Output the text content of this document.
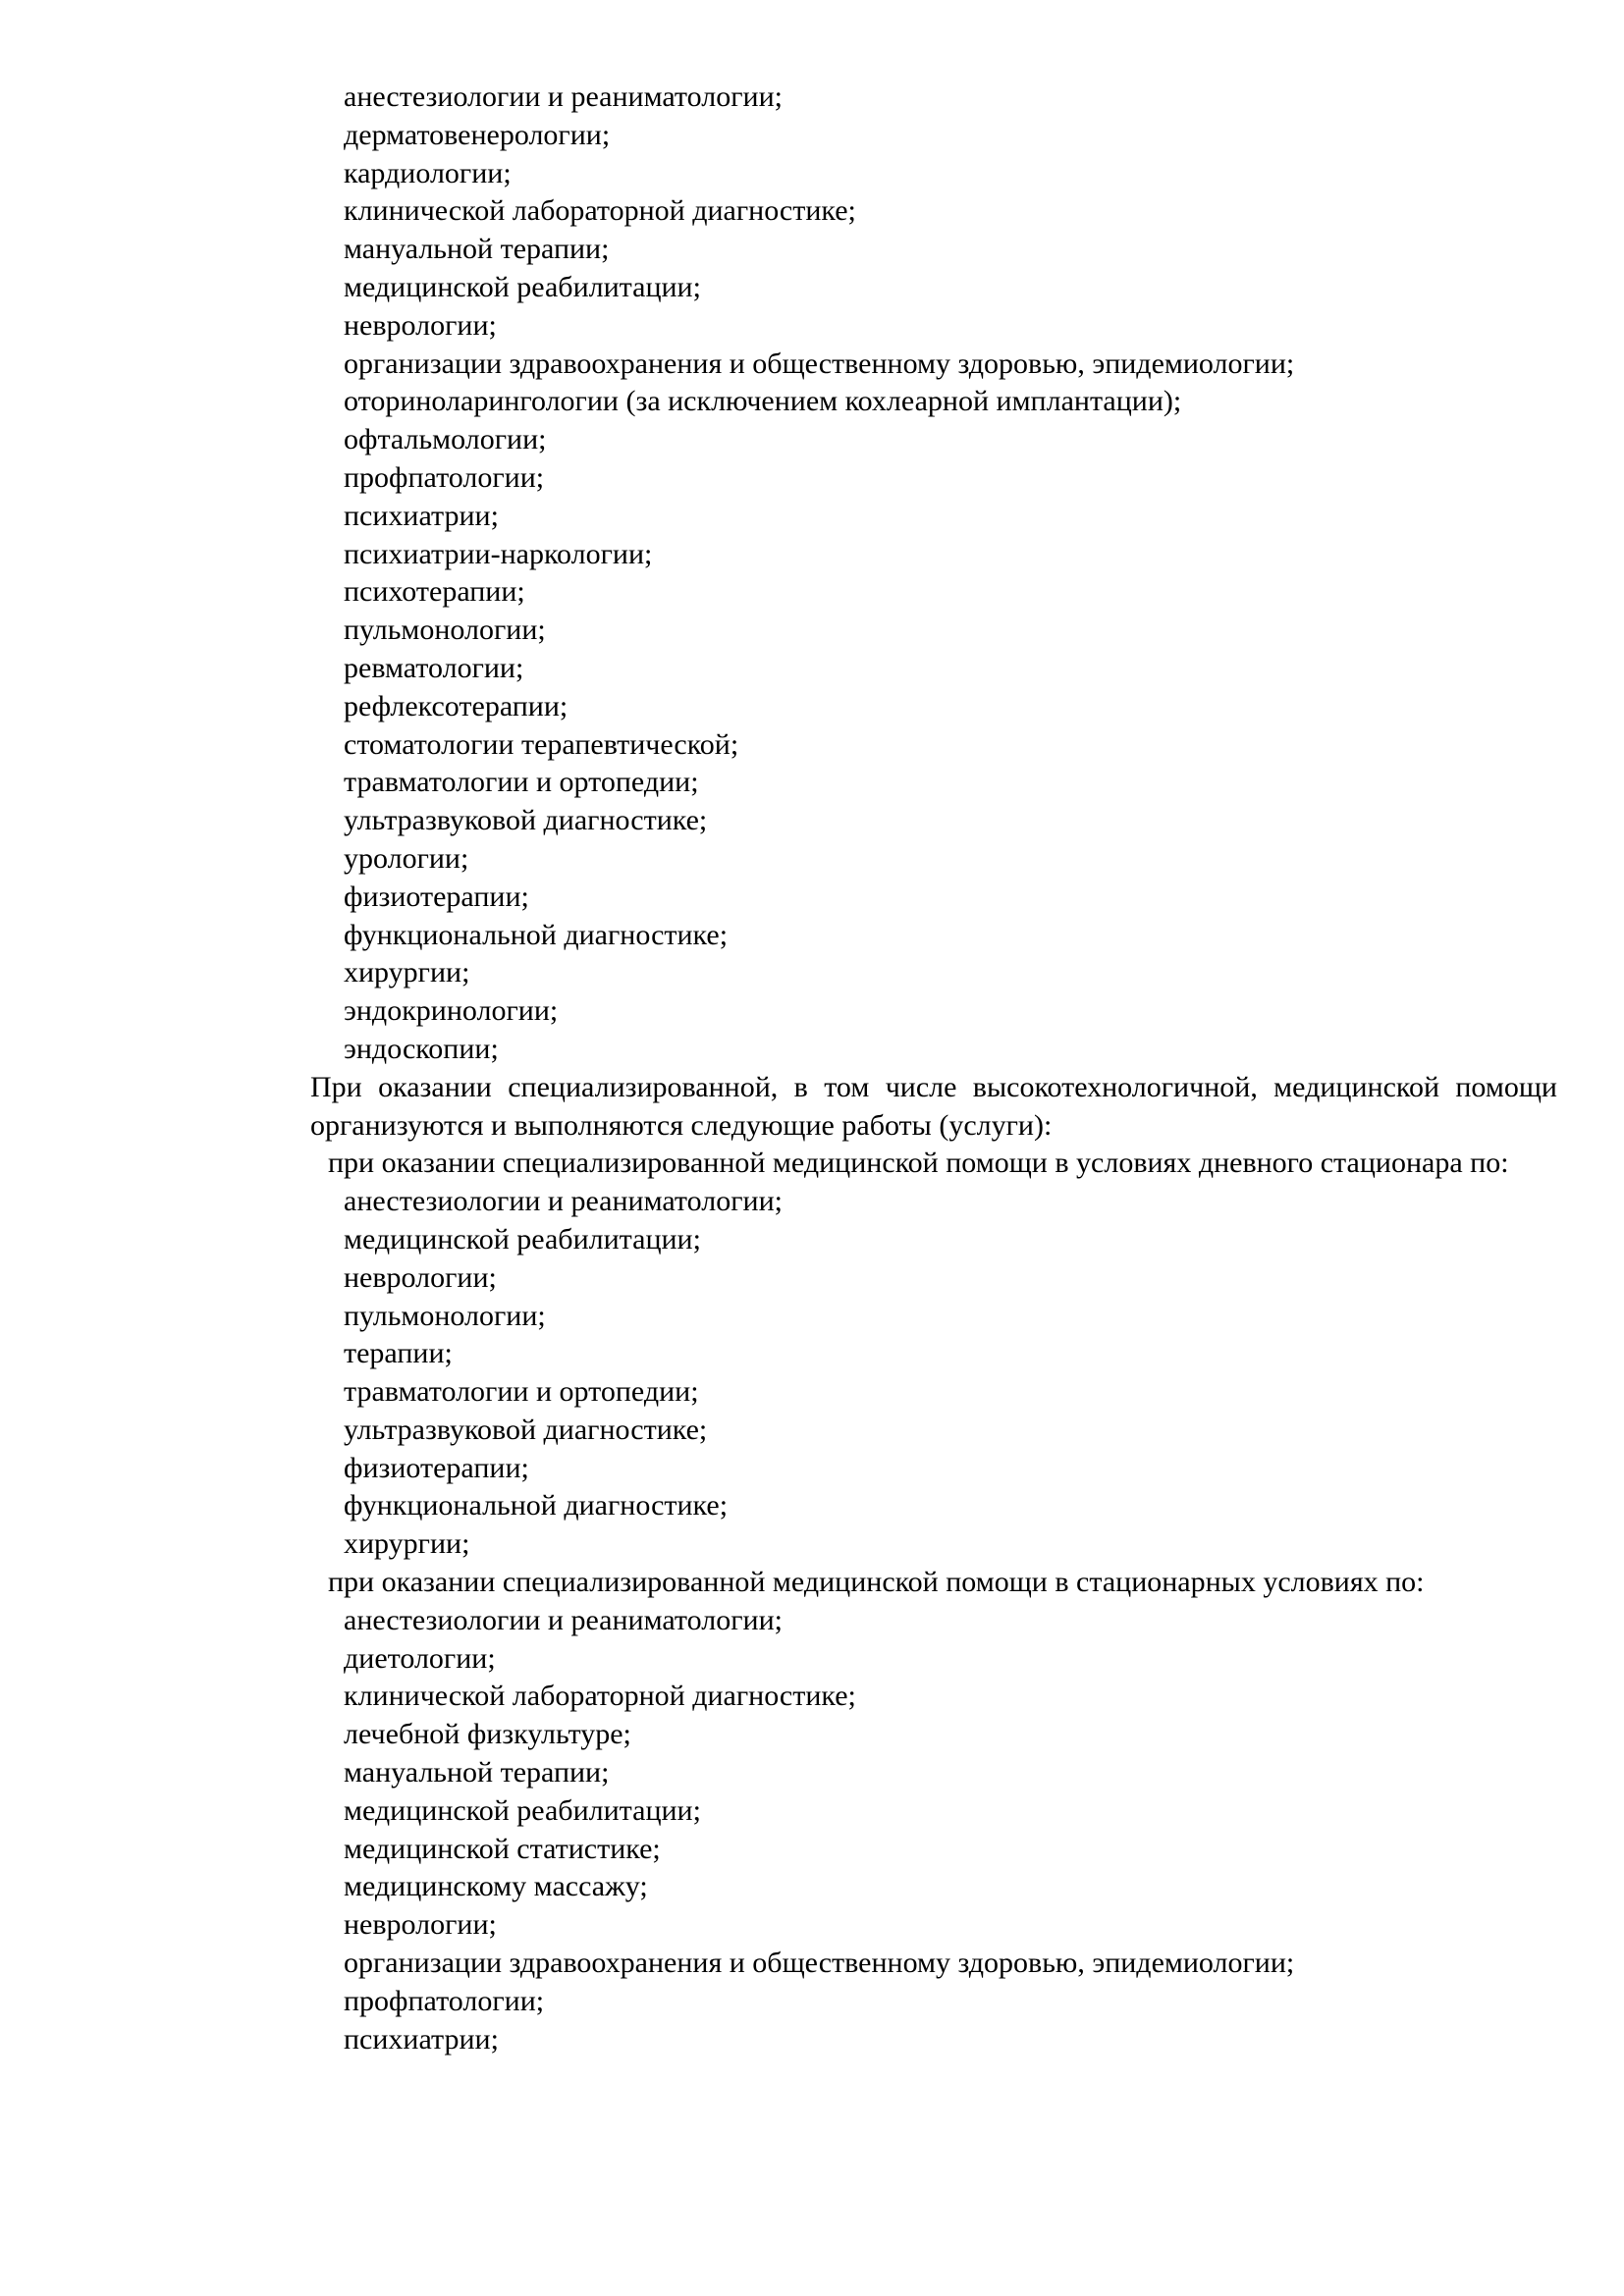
анестезиологии и реаниматологии;
дерматовенерологии;
кардиологии;
клинической лабораторной диагностике;
мануальной терапии;
медицинской реабилитации;
неврологии;
организации здравоохранения и общественному здоровью, эпидемиологии;
оториноларингологии (за исключением кохлеарной имплантации);
офтальмологии;
профпатологии;
психиатрии;
психиатрии-наркологии;
психотерапии;
пульмонологии;
ревматологии;
рефлексотерапии;
стоматологии терапевтической;
травматологии и ортопедии;
ультразвуковой диагностике;
урологии;
физиотерапии;
функциональной диагностике;
хирургии;
эндокринологии;
эндоскопии;
При оказании специализированной, в том числе высокотехнологичной, медицинской помощи организуются и выполняются следующие работы (услуги):
при оказании специализированной медицинской помощи в условиях дневного стационара по:
анестезиологии и реаниматологии;
медицинской реабилитации;
неврологии;
пульмонологии;
терапии;
травматологии и ортопедии;
ультразвуковой диагностике;
физиотерапии;
функциональной диагностике;
хирургии;
при оказании специализированной медицинской помощи в стационарных условиях по:
анестезиологии и реаниматологии;
диетологии;
клинической лабораторной диагностике;
лечебной физкультуре;
мануальной терапии;
медицинской реабилитации;
медицинской статистике;
медицинскому массажу;
неврологии;
организации здравоохранения и общественному здоровью, эпидемиологии;
профпатологии;
психиатрии;
